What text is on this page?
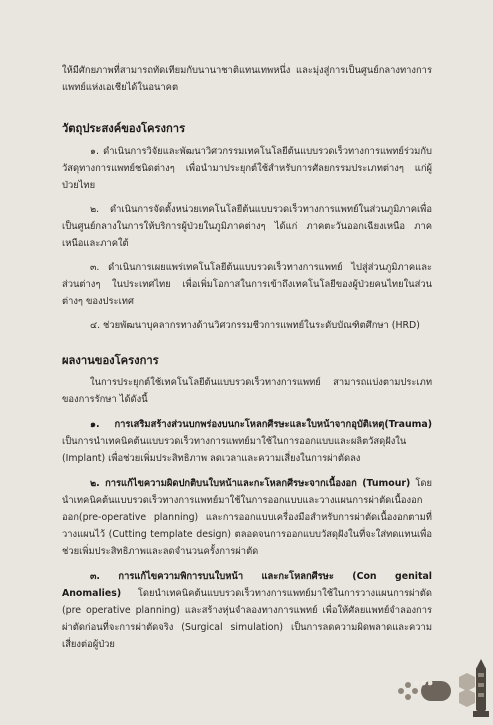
ให้มีศักยภาพที่สามารถทัดเทียมกับนานาชาติแทนเทพหนึ่ง และมุ่งสู่การเป็นศูนย์กลางทางการแพทย์แห่งเอเชียได้ในอนาคต

วัตถุประสงค์ของโครงการ

๑. ดำเนินการวิจัยและพัฒนาวิศวกรรมเทคโนโลยีต้นแบบรวดเร็วทางการแพทย์ร่วมกับวัสดุทางการแพทย์ชนิดต่างๆ เพื่อนำมาประยุกต์ใช้สำหรับการศัลยกรรมประเภทต่างๆ แก่ผู้ป่วยไทย

๒. ดำเนินการจัดตั้งหน่วยเทคโนโลยีต้นแบบรวดเร็วทางการแพทย์ในส่วนภูมิภาคเพื่อเป็นศูนย์กลางในการให้บริการผู้ป่วยในภูมิภาคต่างๆ ได้แก่ ภาคตะวันออกเฉียงเหนือ ภาคเหนือและภาคใต้

๓. ดำเนินการเผยแพร่เทคโนโลยีต้นแบบรวดเร็วทางการแพทย์ ไปสู่ส่วนภูมิภาคและส่วนต่างๆ ในประเทศไทย เพื่อเพิ่มโอกาสในการเข้าถึงเทคโนโลยีของผู้ป่วยคนไทยในส่วนต่างๆ ของประเทศ

๔. ช่วยพัฒนาบุคลากรทางด้านวิศวกรรมชีวการแพทย์ในระดับบัณฑิตศึกษา (HRD)

ผลงานของโครงการ

ในการประยุกต์ใช้เทคโนโลยีต้นแบบรวดเร็วทางการแพทย์ สามารถแบ่งตามประเภทของการรักษา ได้ดังนี้

๑. การเสริมสร้างส่วนบกพร่องบนกะโหลกศีรษะและใบหน้าจากอุบัติเหตุ(Trauma) เป็นการนำเทคนิคต้นแบบรวดเร็วทางการแพทย์มาใช้ในการออกแบบและผลิตวัสดุฝังใน (Implant) เพื่อช่วยเพิ่มประสิทธิภาพ ลดเวลาและความเสี่ยงในการผ่าตัดลง

๒. การแก้ไขความผิดปกติบนใบหน้าและกะโหลกศีรษะจากเนื้องอก (Tumour) โดยนำเทคนิคต้นแบบรวดเร็วทางการแพทย์มาใช้ในการออกแบบและวางแผนการผ่าตัดเนื้องอกออก(pre-operative planning) และการออกแบบเครื่องมือสำหรับการผ่าตัดเนื้องอกตามที่วางแผนไว้ (Cutting template design) ตลอดจนการออกแบบวัสดุฝังในที่จะใส่ทดแทนเพื่อช่วยเพิ่มประสิทธิภาพและลดจำนวนครั้งการผ่าตัด

๓. การแก้ไขความพิการบนใบหน้า และกะโหลกศีรษะ (Con genital Anomalies) โดยนำเทคนิคต้นแบบรวดเร็วทางการแพทย์มาใช้ในการวางแผนการผ่าตัด (pre operative planning) และสร้างหุ่นจำลองทางการแพทย์ เพื่อให้ศัลยแพทย์จำลองการผ่าตัดก่อนที่จะการผ่าตัดจริง (Surgical simulation) เป็นการลดความผิดพลาดและความเสี่ยงต่อผู้ป่วย

๑๑๑
